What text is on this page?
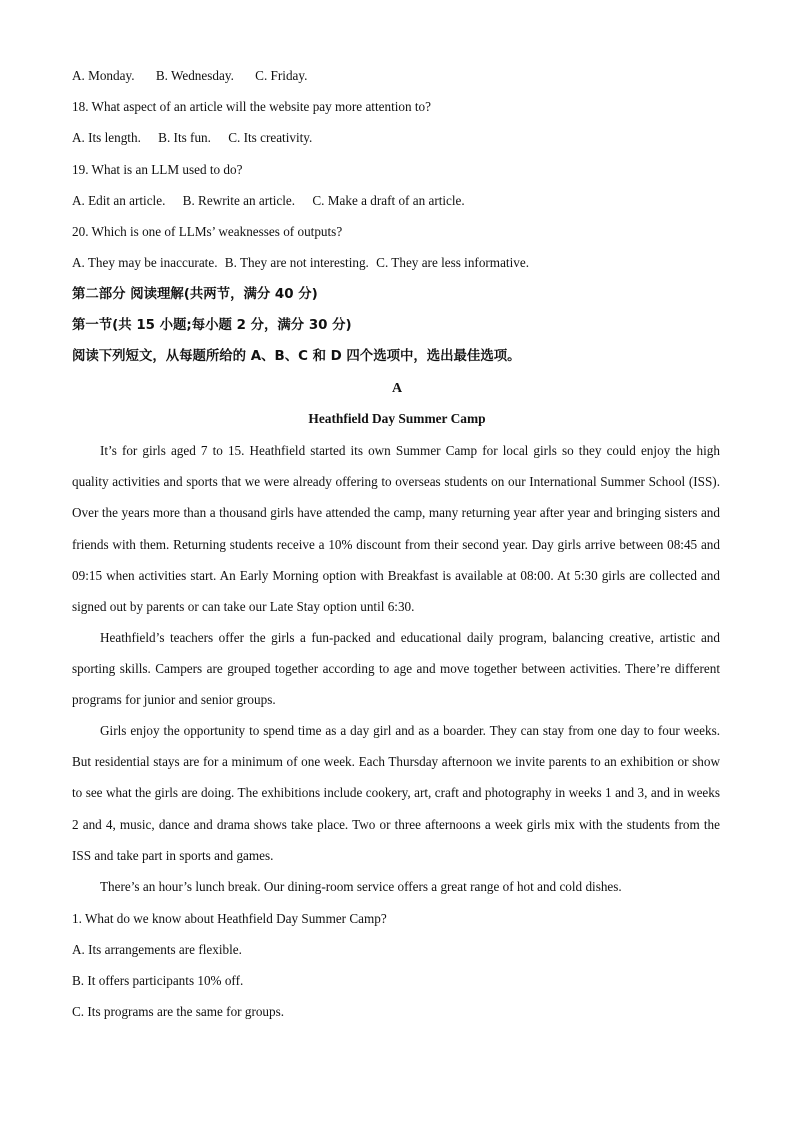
A. Monday. B. Wednesday. C. Friday.
18. What aspect of an article will the website pay more attention to?
A. Its length. B. Its fun. C. Its creativity.
19. What is an LLM used to do?
A. Edit an article. B. Rewrite an article. C. Make a draft of an article.
20. Which is one of LLMs’ weaknesses of outputs?
A. They may be inaccurate. B. They are not interesting. C. They are less informative.
第二部分 阅读理解(共两节，满分 40 分)
第一节(共 15 小题;每小题 2 分，满分 30 分)
阅读下列短文，从每题所给的 A、B、C 和 D 四个选项中，选出最佳选项。
A
Heathfield Day Summer Camp
It’s for girls aged 7 to 15. Heathfield started its own Summer Camp for local girls so they could enjoy the high quality activities and sports that we were already offering to overseas students on our International Summer School (ISS). Over the years more than a thousand girls have attended the camp, many returning year after year and bringing sisters and friends with them. Returning students receive a 10% discount from their second year. Day girls arrive between 08:45 and 09:15 when activities start. An Early Morning option with Breakfast is available at 08:00. At 5:30 girls are collected and signed out by parents or can take our Late Stay option until 6:30.
Heathfield’s teachers offer the girls a fun-packed and educational daily program, balancing creative, artistic and sporting skills. Campers are grouped together according to age and move together between activities. There’re different programs for junior and senior groups.
Girls enjoy the opportunity to spend time as a day girl and as a boarder. They can stay from one day to four weeks. But residential stays are for a minimum of one week. Each Thursday afternoon we invite parents to an exhibition or show to see what the girls are doing. The exhibitions include cookery, art, craft and photography in weeks 1 and 3, and in weeks 2 and 4, music, dance and drama shows take place. Two or three afternoons a week girls mix with the students from the ISS and take part in sports and games.
There’s an hour’s lunch break. Our dining-room service offers a great range of hot and cold dishes.
1. What do we know about Heathfield Day Summer Camp?
A. Its arrangements are flexible.
B. It offers participants 10% off.
C. Its programs are the same for groups.
